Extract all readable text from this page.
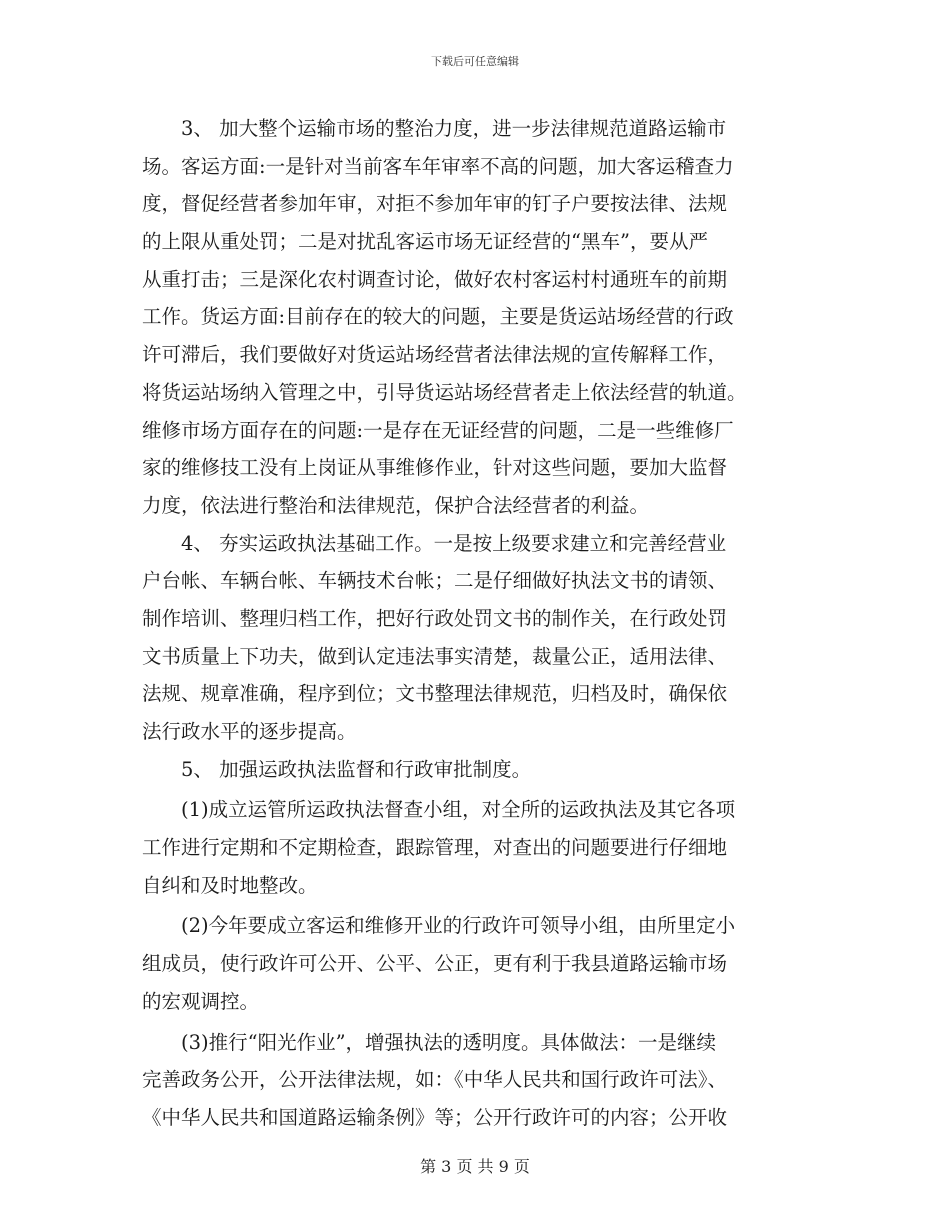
下载后可任意编辑
3、 加大整个运输市场的整治力度，进一步法律规范道路运输市
场。客运方面:一是针对当前客车年审率不高的问题，加大客运稽查力
度，督促经营者参加年审，对拒不参加年审的钉子户要按法律、法规
的上限从重处罚；二是对扰乱客运市场无证经营的“黑车”，要从严
从重打击；三是深化农村调查讨论，做好农村客运村村通班车的前期
工作。货运方面:目前存在的较大的问题，主要是货运站场经营的行政
许可滞后，我们要做好对货运站场经营者法律法规的宣传解释工作，
将货运站场纳入管理之中，引导货运站场经营者走上依法经营的轨道。
维修市场方面存在的问题:一是存在无证经营的问题，二是一些维修厂
家的维修技工没有上岗证从事维修作业，针对这些问题，要加大监督
力度，依法进行整治和法律规范，保护合法经营者的利益。
4、 夯实运政执法基础工作。一是按上级要求建立和完善经营业
户台帐、车辆台帐、车辆技术台帐；二是仔细做好执法文书的请领、
制作培训、整理归档工作，把好行政处罚文书的制作关，在行政处罚
文书质量上下功夫，做到认定违法事实清楚，裁量公正，适用法律、
法规、规章准确，程序到位；文书整理法律规范，归档及时，确保依
法行政水平的逐步提高。
5、 加强运政执法监督和行政审批制度。
(1)成立运管所运政执法督查小组，对全所的运政执法及其它各项
工作进行定期和不定期检查，跟踪管理，对查出的问题要进行仔细地
自纠和及时地整改。
(2)今年要成立客运和维修开业的行政许可领导小组，由所里定小
组成员，使行政许可公开、公平、公正，更有利于我县道路运输市场
的宏观调控。
(3)推行“阳光作业”，增强执法的透明度。具体做法：一是继续
完善政务公开，公开法律法规，如：《中华人民共和国行政许可法》、
《中华人民共和国道路运输条例》等；公开行政许可的内容；公开收
第 3 页 共 9 页
